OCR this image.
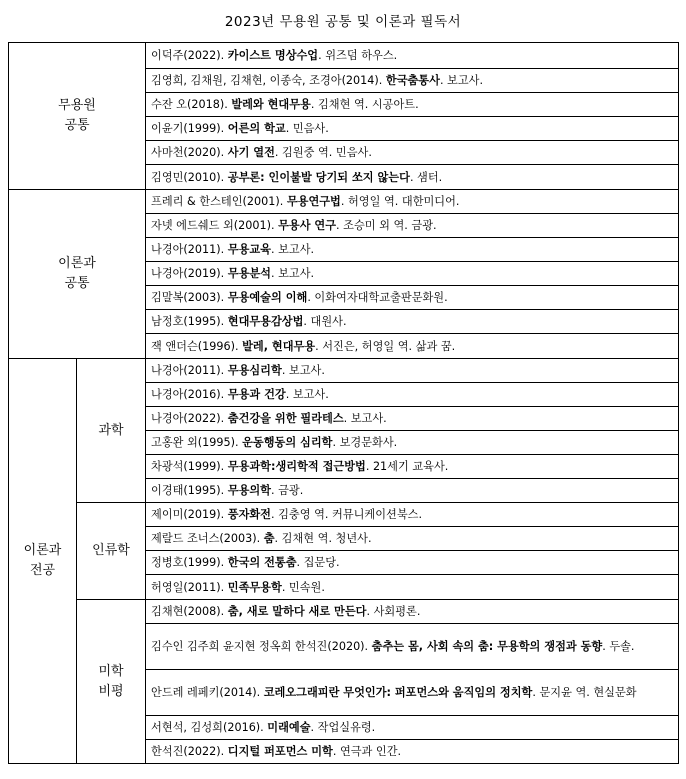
2023년 무용원 공통 및 이론과 필독서
무용원
공통		이덕주(2022). 카이스트 명상수업. 위즈덤 하우스.
		김영희, 김채원, 김채현, 이종숙, 조경아(2014). 한국춤통사. 보고사.
		수잔 오(2018). 발레와 현대무용. 김채현 역. 시공아트.
		이윤기(1999). 어른의 학교. 민음사.
		사마천(2020). 사기 열전. 김원중 역. 민음사.
		김영민(2010). 공부론: 인이불발 당기되 쏘지 않는다. 샘터.

이론과
공통		프레리 & 한스테인(2001). 무용연구법. 허영일 역. 대한미디어.
		자넷 에드쉐드 외(2001). 무용사 연구. 조승미 외 역. 금광.
		나경아(2011). 무용교육. 보고사.
		나경아(2019). 무용분석. 보고사.
		김말복(2003). 무용예술의 이해. 이화여자대학교출판문화원.
		남정호(1995). 현대무용감상법. 대원사.
		잭 앤더슨(1996). 발레, 현대무용. 서진은, 허영일 역. 삶과 꿈.

이론과
전공	과학	나경아(2011). 무용심리학. 보고사.
		나경아(2016). 무용과 건강. 보고사.
		나경아(2022). 춤건강을 위한 필라테스. 보고사.
		고홍완 외(1995). 운동행동의 심리학. 보경문화사.
		차광석(1999). 무용과학:생리학적 접근방법. 21세기 교육사.
		이경태(1995). 무용의학. 금광.

	인류학	제이미(2019). 풍자화전. 김충영 역. 커뮤니케이션북스.
		제랄드 조너스(2003). 춤. 김채현 역. 청년사.
		정병호(1999). 한국의 전통춤. 집문당.
		허영일(2011). 민족무용학. 민속원.

	미학
비평	김채현(2008). 춤, 새로 말하다 새로 만든다. 사회평론.
		김수인 김주희 윤지현 정옥희 한석진(2020). 춤추는 몸, 사회 속의 춤: 무용학의 쟁점과 동향. 두솔.
		안드레 레페키(2014). 코레오그래피란 무엇인가: 퍼포먼스와 움직임의 정치학. 문지윤 역. 현실문화
		서현석, 김성희(2016). 미래예술. 작업실유령.
		한석진(2022). 디지털 퍼포먼스 미학. 연극과 인간.
